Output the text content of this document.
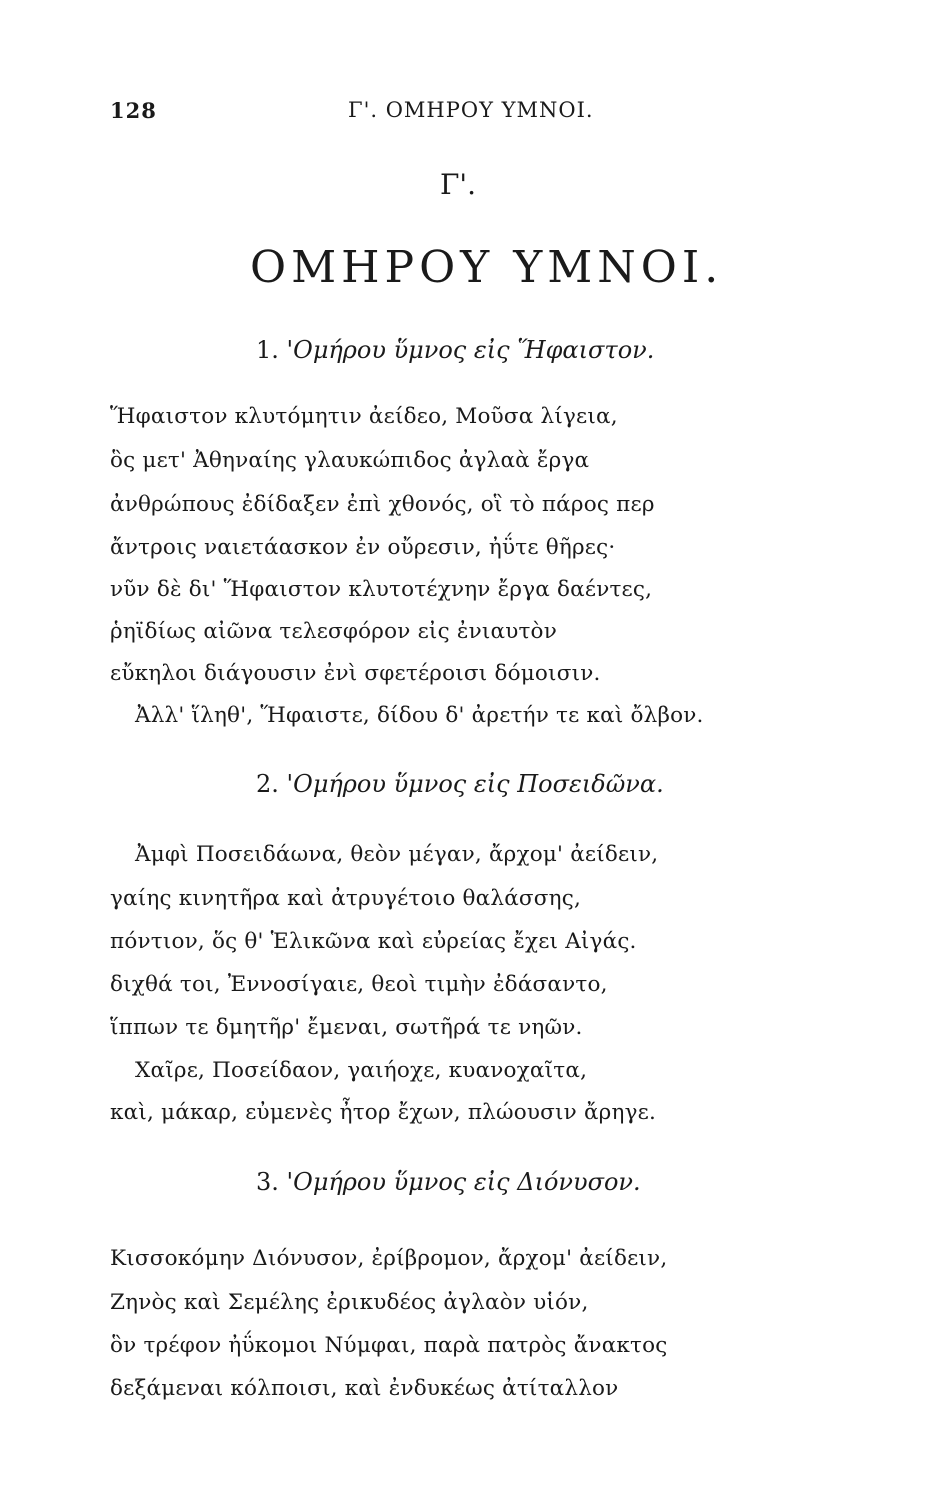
128	Γ'. ΟΜΗΡΟΥ ΥΜΝΟΙ.
Γ'.
ΟΜΗΡΟΥ ΥΜΝΟΙ.
1. 'Ομήρου ὕμνος εἰς Ἥφαιστον.
Ἥφαιστον κλυτόμητιν ἀείδεο, Μοῦσα λίγεια,
ὃς μετ' Ἀθηναίης γλαυκώπιδος ἀγλαὰ ἔργα
ἀνθρώπους ἐδίδαξεν ἐπὶ χθονός, οἳ τὸ πάρος περ
ἄντροις ναιετάασκον ἐν οὔρεσιν, ἠΰτε θῆρες·
νῦν δὲ δι' Ἥφαιστον κλυτοτέχνην ἔργα δαέντες,
ῥηϊδίως αἰῶνα τελεσφόρον εἰς ἐνιαυτὸν
εὔκηλοι διάγουσιν ἐνὶ σφετέροισι δόμοισιν.
Ἀλλ' ἵληθ', Ἥφαιστε, δίδου δ' ἀρετήν τε καὶ ὄλβον.
2. 'Ομήρου ὕμνος εἰς Ποσειδῶνα.
Ἀμφὶ Ποσειδάωνα, θεὸν μέγαν, ἄρχομ' ἀείδειν,
γαίης κινητῆρα καὶ ἀτρυγέτοιο θαλάσσης,
πόντιον, ὅς θ' Ἑλικῶνα καὶ εὐρείας ἔχει Αἰγάς.
διχθά τοι, Ἐννοσίγαιε, θεοὶ τιμὴν ἐδάσαντο,
ἵππων τε δμητῆρ' ἔμεναι, σωτῆρά τε νηῶν.
Χαῖρε, Ποσείδαον, γαιήοχε, κυανοχαῖτα,
καὶ, μάκαρ, εὐμενὲς ἦτορ ἔχων, πλώουσιν ἄρηγε.
3. 'Ομήρου ὕμνος εἰς Διόνυσον.
Κισσοκόμην Διόνυσον, ἐρίβρομον, ἄρχομ' ἀείδειν,
Ζηνὸς καὶ Σεμέλης ἐρικυδέος ἀγλαὸν υἱόν,
ὃν τρέφον ἠΰκομοι Νύμφαι, παρὰ πατρὸς ἄνακτος
δεξάμεναι κόλποισι, καὶ ἐνδυκέως ἀτίταλλον
